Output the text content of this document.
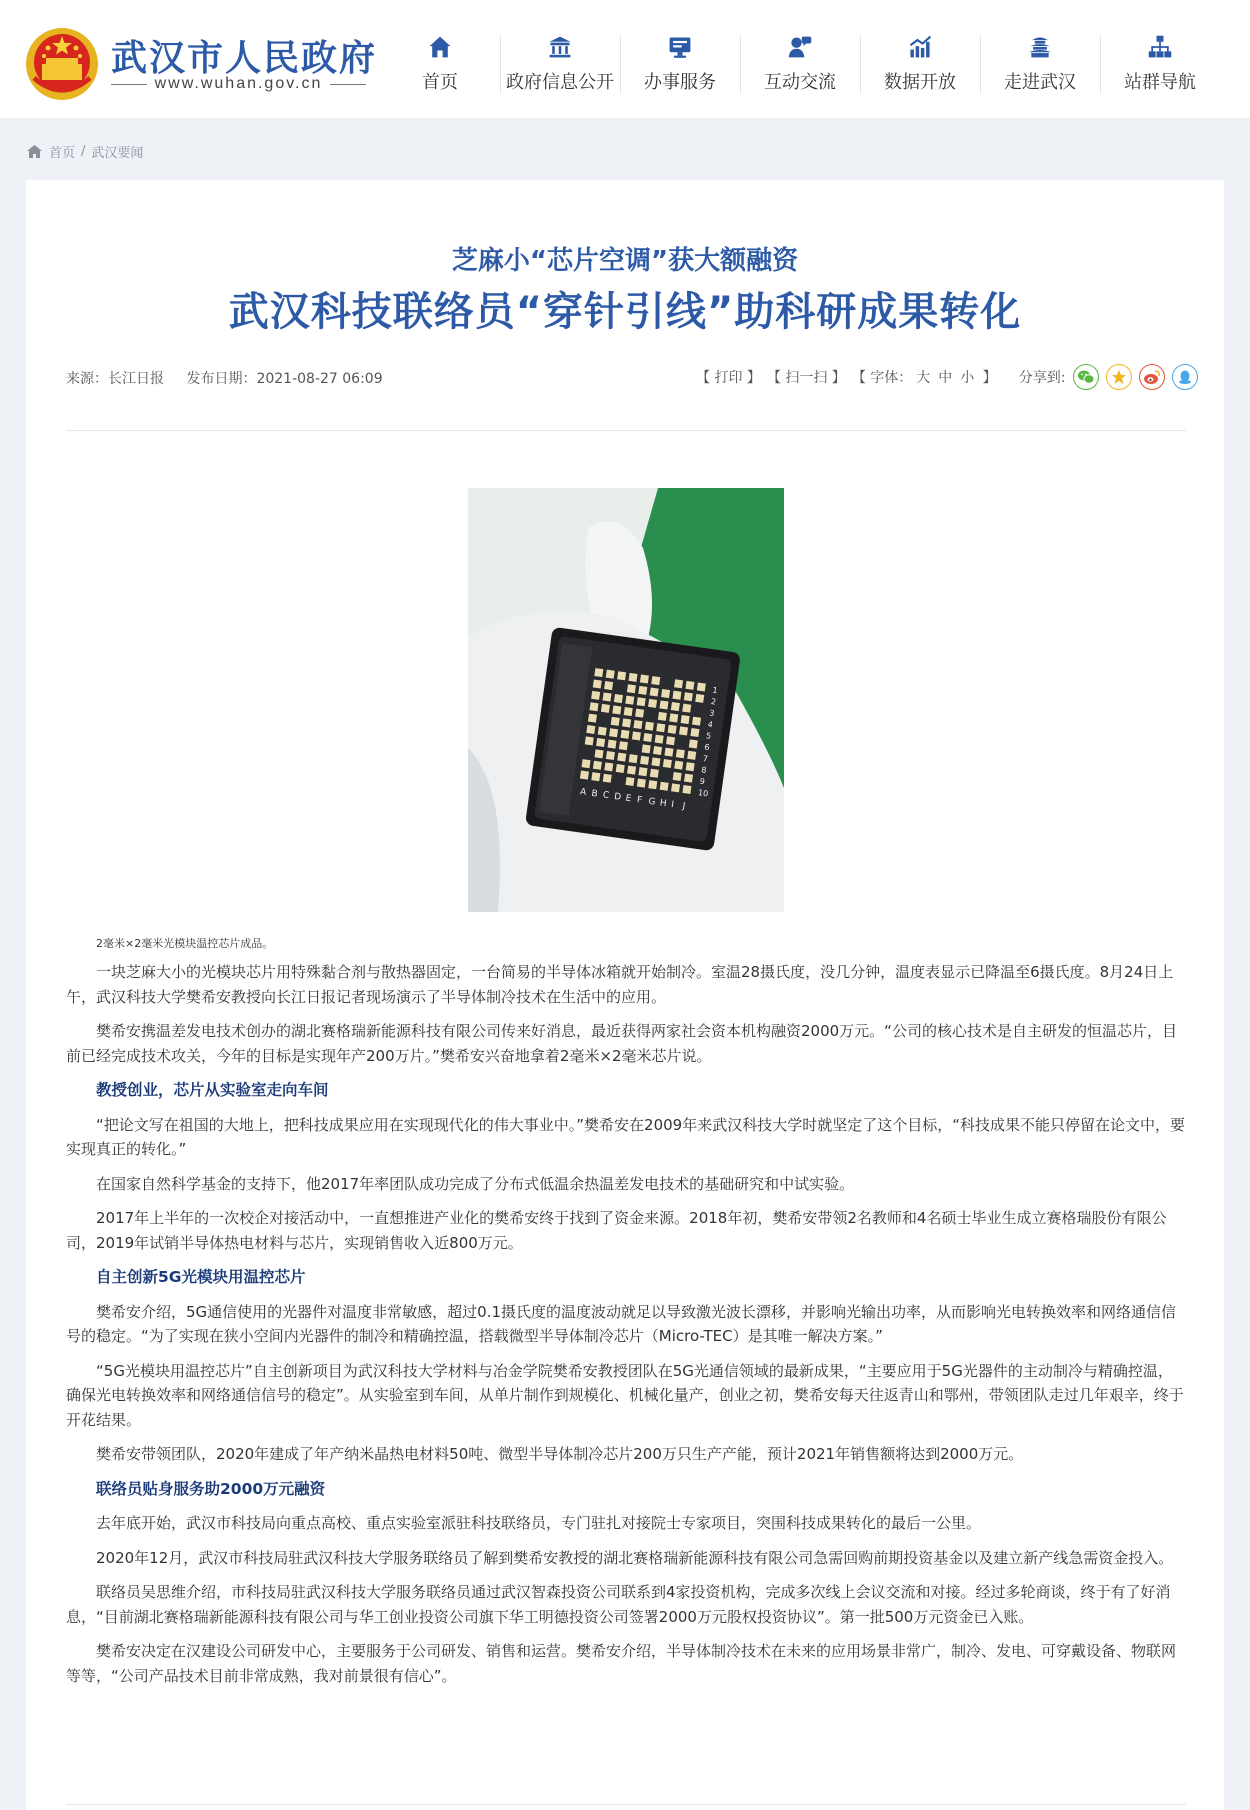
武汉市人民政府
www.wuhan.gov.cn	首页	政府信息公开 办事服务	互动交流	数据开放	走进武汉	站群导航
首页 / 武汉要闻
芝麻小“芯片空调”获大额融资
武汉科技联络员“穿针引线”助科研成果转化
来源：长江日报 发布日期：2021-08-27 06:09	【 打印 】 【 扫一扫 】 【 字体： 大 中 小 】 分享到:
A B C D E F G H I J
1
2
3
4
5
6
7
8
9
10
2毫米×2毫米光模块温控芯片成品。

一块芝麻大小的光模块芯片用特殊黏合剂与散热器固定，一台简易的半导体冰箱就开始制冷。室温28摄氏度，没几分钟，温度表显示已降温至6摄氏度。8月24日上午，武汉科技大学樊希安教授向长江日报记者现场演示了半导体制冷技术在生活中的应用。

樊希安携温差发电技术创办的湖北赛格瑞新能源科技有限公司传来好消息，最近获得两家社会资本机构融资2000万元。“公司的核心技术是自主研发的恒温芯片，目前已经完成技术攻关，今年的目标是实现年产200万片。”樊希安兴奋地拿着2毫米×2毫米芯片说。

教授创业，芯片从实验室走向车间

“把论文写在祖国的大地上，把科技成果应用在实现现代化的伟大事业中。”樊希安在2009年来武汉科技大学时就坚定了这个目标，“科技成果不能只停留在论文中，要实现真正的转化。”

在国家自然科学基金的支持下，他2017年率团队成功完成了分布式低温余热温差发电技术的基础研究和中试实验。

2017年上半年的一次校企对接活动中，一直想推进产业化的樊希安终于找到了资金来源。2018年初，樊希安带领2名教师和4名硕士毕业生成立赛格瑞股份有限公司，2019年试销半导体热电材料与芯片，实现销售收入近800万元。

自主创新5G光模块用温控芯片

樊希安介绍，5G通信使用的光器件对温度非常敏感，超过0.1摄氏度的温度波动就足以导致激光波长漂移，并影响光输出功率，从而影响光电转换效率和网络通信信号的稳定。“为了实现在狭小空间内光器件的制冷和精确控温，搭载微型半导体制冷芯片（Micro-TEC）是其唯一解决方案。”

“5G光模块用温控芯片”自主创新项目为武汉科技大学材料与冶金学院樊希安教授团队在5G光通信领域的最新成果，“主要应用于5G光器件的主动制冷与精确控温，确保光电转换效率和网络通信信号的稳定”。从实验室到车间，从单片制作到规模化、机械化量产，创业之初，樊希安每天往返青山和鄂州，带领团队走过几年艰辛，终于开花结果。

樊希安带领团队，2020年建成了年产纳米晶热电材料50吨、微型半导体制冷芯片200万只生产产能，预计2021年销售额将达到2000万元。

联络员贴身服务助2000万元融资

去年底开始，武汉市科技局向重点高校、重点实验室派驻科技联络员，专门驻扎对接院士专家项目，突围科技成果转化的最后一公里。

2020年12月，武汉市科技局驻武汉科技大学服务联络员了解到樊希安教授的湖北赛格瑞新能源科技有限公司急需回购前期投资基金以及建立新产线急需资金投入。

联络员吴思维介绍，市科技局驻武汉科技大学服务联络员通过武汉智森投资公司联系到4家投资机构，完成多次线上会议交流和对接。经过多轮商谈，终于有了好消息，“目前湖北赛格瑞新能源科技有限公司与华工创业投资公司旗下华工明德投资公司签署2000万元股权投资协议”。第一批500万元资金已入账。

樊希安决定在汉建设公司研发中心，主要服务于公司研发、销售和运营。樊希安介绍，半导体制冷技术在未来的应用场景非常广，制冷、发电、可穿戴设备、物联网等等，“公司产品技术目前非常成熟，我对前景很有信心”。
